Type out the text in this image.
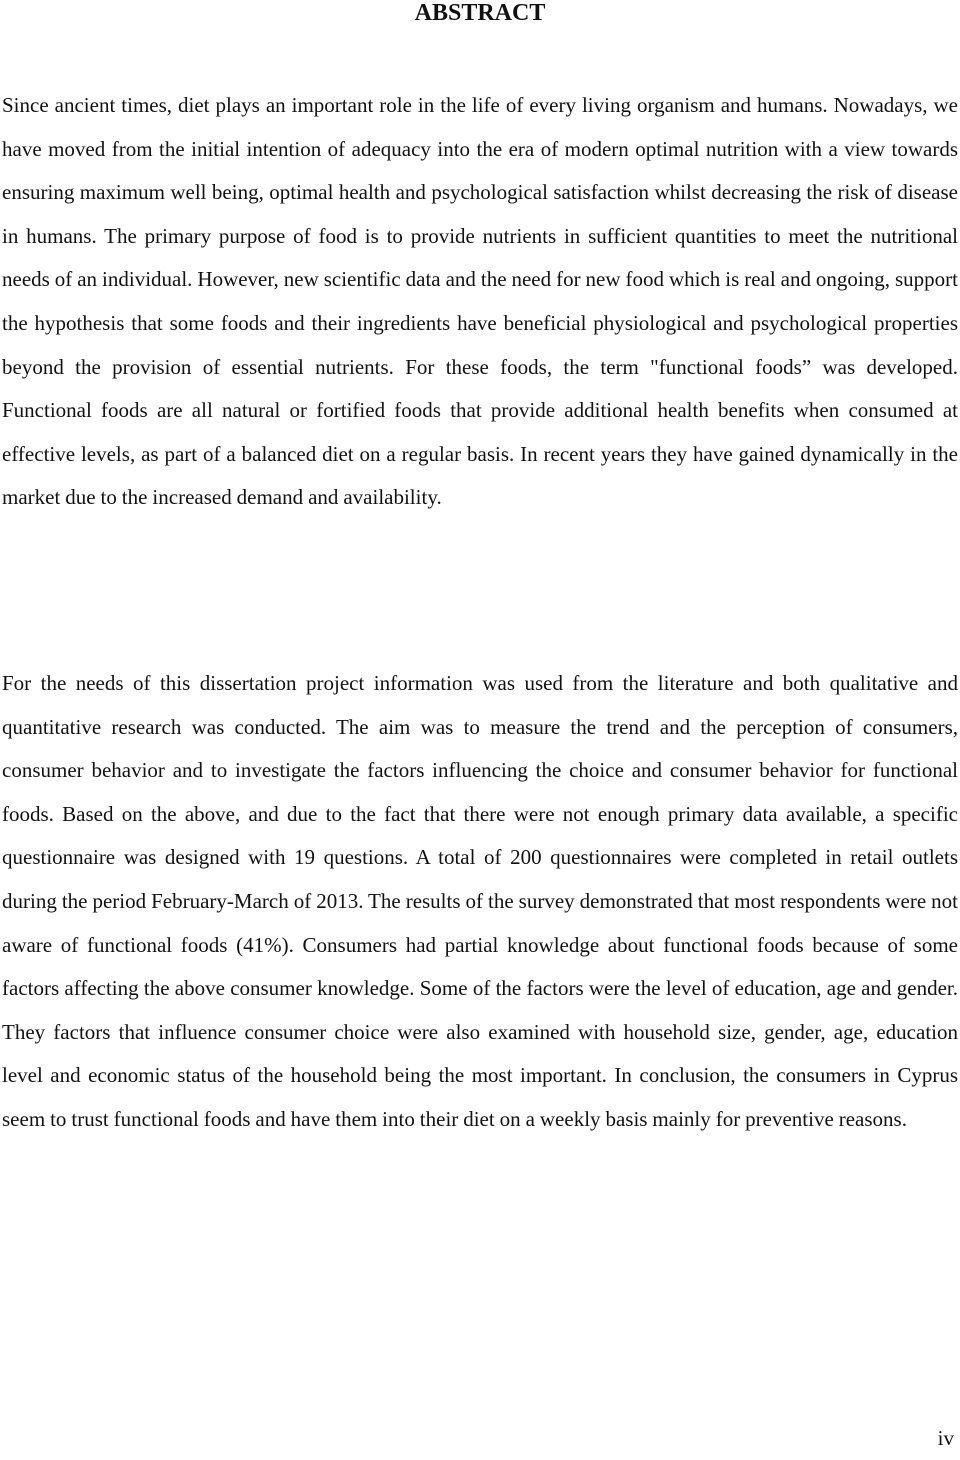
ABSTRACT

Since ancient times, diet plays an important role in the life of every living organism and humans. Nowadays, we have moved from the initial intention of adequacy into the era of modern optimal nutrition with a view towards ensuring maximum well being, optimal health and psychological satisfaction whilst decreasing the risk of disease in humans. The primary purpose of food is to provide nutrients in sufficient quantities to meet the nutritional needs of an individual. However, new scientific data and the need for new food which is real and ongoing, support the hypothesis that some foods and their ingredients have beneficial physiological and psychological properties beyond the provision of essential nutrients. For these foods, the term "functional foods” was developed. Functional foods are all natural or fortified foods that provide additional health benefits when consumed at effective levels, as part of a balanced diet on a regular basis. In recent years they have gained dynamically in the market due to the increased demand and availability.

For the needs of this dissertation project information was used from the literature and both qualitative and quantitative research was conducted. The aim was to measure the trend and the perception of consumers, consumer behavior and to investigate the factors influencing the choice and consumer behavior for functional foods. Based on the above, and due to the fact that there were not enough primary data available, a specific questionnaire was designed with 19 questions. A total of 200 questionnaires were completed in retail outlets during the period February-March of 2013. The results of the survey demonstrated that most respondents were not aware of functional foods (41%). Consumers had partial knowledge about functional foods because of some factors affecting the above consumer knowledge. Some of the factors were the level of education, age and gender. They factors that influence consumer choice were also examined with household size, gender, age, education level and economic status of the household being the most important. In conclusion, the consumers in Cyprus seem to trust functional foods and have them into their diet on a weekly basis mainly for preventive reasons.

iv
